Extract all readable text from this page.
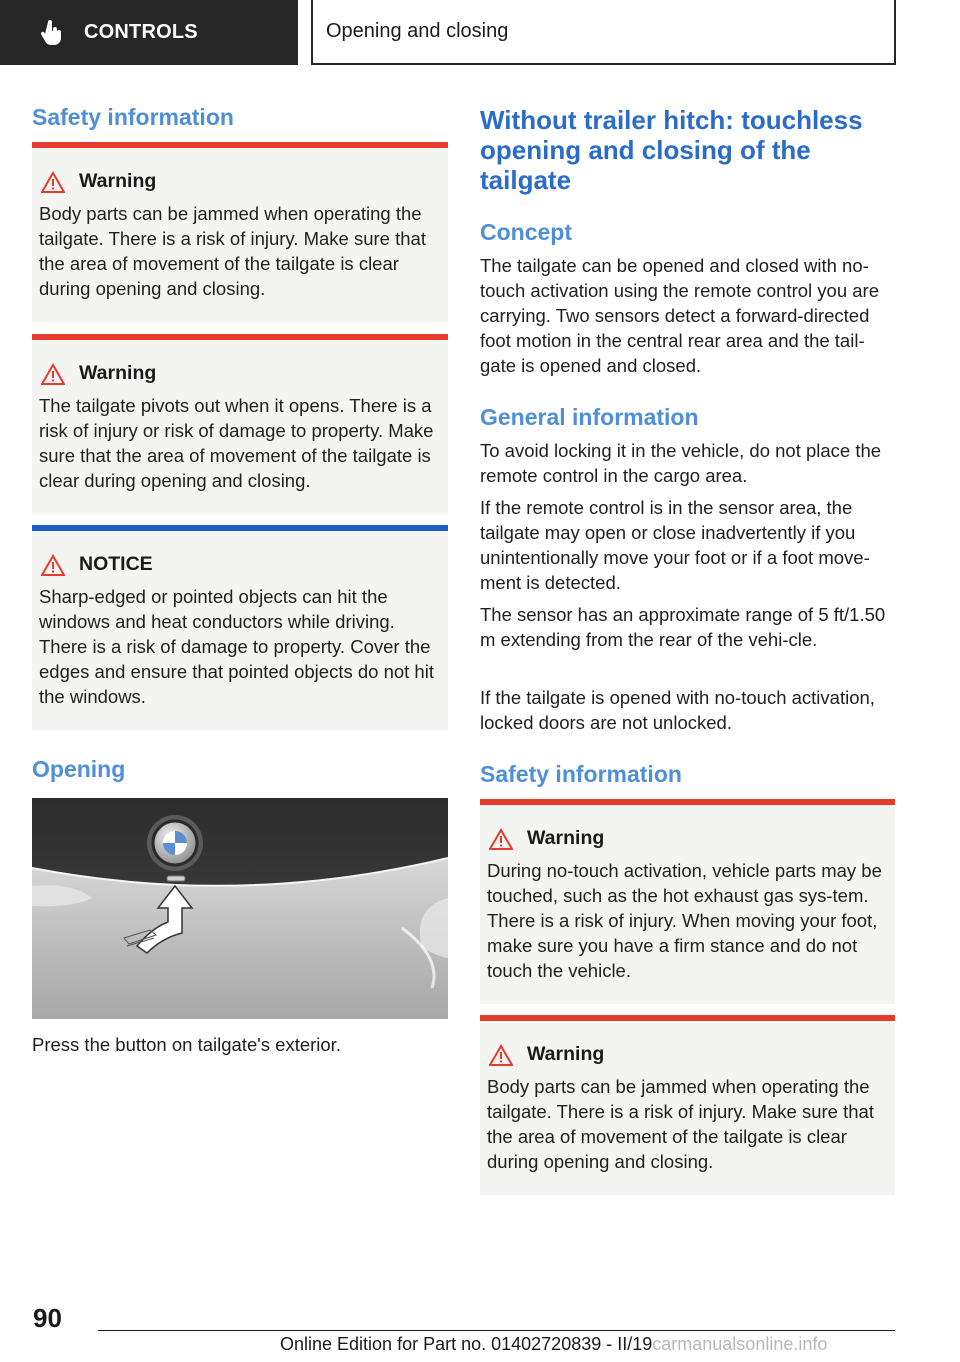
CONTROLS	Opening and closing
Safety information
Warning
Body parts can be jammed when operating the tailgate. There is a risk of injury. Make sure that the area of movement of the tailgate is clear during opening and closing.
Warning
The tailgate pivots out when it opens. There is a risk of injury or risk of damage to property. Make sure that the area of movement of the tailgate is clear during opening and closing.
NOTICE
Sharp-edged or pointed objects can hit the windows and heat conductors while driving. There is a risk of damage to property. Cover the edges and ensure that pointed objects do not hit the windows.
Opening
Press the button on tailgate's exterior.
Without trailer hitch: touchless opening and closing of the tailgate
Concept
The tailgate can be opened and closed with no-touch activation using the remote control you are carrying. Two sensors detect a forward-directed foot motion in the central rear area and the tail-gate is opened and closed.
General information
To avoid locking it in the vehicle, do not place the remote control in the cargo area.
If the remote control is in the sensor area, the tailgate may open or close inadvertently if you unintentionally move your foot or if a foot move-ment is detected.
The sensor has an approximate range of 5 ft/1.50 m extending from the rear of the vehi-cle.
If the tailgate is opened with no-touch activation, locked doors are not unlocked.
Safety information
Warning
During no-touch activation, vehicle parts may be touched, such as the hot exhaust gas sys-tem. There is a risk of injury. When moving your foot, make sure you have a firm stance and do not touch the vehicle.
Warning
Body parts can be jammed when operating the tailgate. There is a risk of injury. Make sure that the area of movement of the tailgate is clear during opening and closing.
90
Online Edition for Part no. 01402720839 - II/19carmanualsonline.info
